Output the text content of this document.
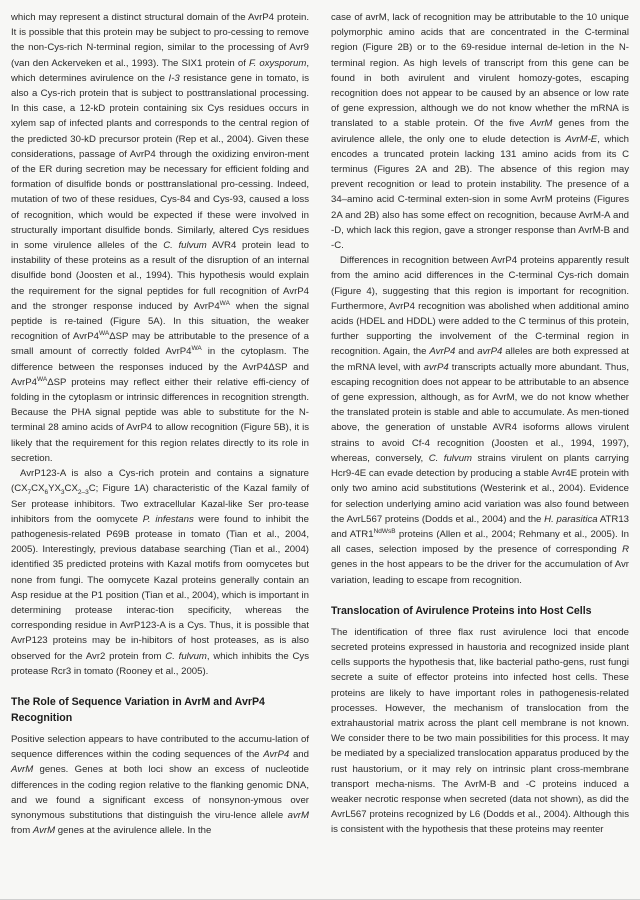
which may represent a distinct structural domain of the AvrP4 protein. It is possible that this protein may be subject to pro-cessing to remove the non-Cys-rich N-terminal region, similar to the processing of Avr9 (van den Ackerveken et al., 1993). The SIX1 protein of F. oxysporum, which determines avirulence on the I-3 resistance gene in tomato, is also a Cys-rich protein that is subject to posttranslational processing. In this case, a 12-kD protein containing six Cys residues occurs in xylem sap of infected plants and corresponds to the central region of the predicted 30-kD precursor protein (Rep et al., 2004). Given these considerations, passage of AvrP4 through the oxidizing environ-ment of the ER during secretion may be necessary for efficient folding and formation of disulfide bonds or posttranslational pro-cessing. Indeed, mutation of two of these residues, Cys-84 and Cys-93, caused a loss of recognition, which would be expected if these were involved in structurally important disulfide bonds. Similarly, altered Cys residues in some virulence alleles of the C. fulvum AVR4 protein lead to instability of these proteins as a result of the disruption of an internal disulfide bond (Joosten et al., 1994). This hypothesis would explain the requirement for the signal peptides for full recognition of AvrP4 and the stronger response induced by $AvrP4^{WA}$ when the signal peptide is re-tained (Figure 5A). In this situation, the weaker recognition of $AvrP4^{WA}\Delta SP$ may be attributable to the presence of a small amount of correctly folded $AvrP4^{WA}$ in the cytoplasm. The difference between the responses induced by the AvrP4ΔSP and $AvrP4^{WA}\Delta SP$ proteins may reflect either their relative effi-ciency of folding in the cytoplasm or intrinsic differences in recognition strength. Because the PHA signal peptide was able to substitute for the N-terminal 28 amino acids of AvrP4 to allow recognition (Figure 5B), it is likely that the requirement for this region relates directly to its role in secretion.

AvrP123-A is also a Cys-rich protein and contains a signature ($CX_7CX_6YX_3CX_{2-3}C$; Figure 1A) characteristic of the Kazal family of Ser protease inhibitors. Two extracellular Kazal-like Ser pro-tease inhibitors from the oomycete P. infestans were found to inhibit the pathogenesis-related P69B protease in tomato (Tian et al., 2004, 2005). Interestingly, previous database searching (Tian et al., 2004) identified 35 predicted proteins with Kazal motifs from oomycetes but none from fungi. The oomycete Kazal proteins generally contain an Asp residue at the P1 position (Tian et al., 2004), which is important in determining protease interac-tion specificity, whereas the corresponding residue in AvrP123-A is a Cys. Thus, it is possible that AvrP123 proteins may be in-hibitors of host proteases, as is also observed for the Avr2 protein from C. fulvum, which inhibits the Cys protease Rcr3 in tomato (Rooney et al., 2005).

The Role of Sequence Variation in AvrM and AvrP4 Recognition

Positive selection appears to have contributed to the accumu-lation of sequence differences within the coding sequences of the AvrP4 and AvrM genes. Genes at both loci show an excess of nucleotide differences in the coding region relative to the flanking genomic DNA, and we found a significant excess of nonsynon-ymous over synonymous substitutions that distinguish the viru-lence allele avrM from AvrM genes at the avirulence allele. In the

case of avrM, lack of recognition may be attributable to the 10 unique polymorphic amino acids that are concentrated in the C-terminal region (Figure 2B) or to the 69-residue internal de-letion in the N-terminal region. As high levels of transcript from this gene can be found in both avirulent and virulent homozy-gotes, escaping recognition does not appear to be caused by an absence or low rate of gene expression, although we do not know whether the mRNA is translated to a stable protein. Of the five AvrM genes from the avirulence allele, the only one to elude detection is AvrM-E, which encodes a truncated protein lacking 131 amino acids from its C terminus (Figures 2A and 2B). The absence of this region may prevent recognition or lead to protein instability. The presence of a 34–amino acid C-terminal exten-sion in some AvrM proteins (Figures 2A and 2B) also has some effect on recognition, because AvrM-A and -D, which lack this region, gave a stronger response than AvrM-B and -C.

Differences in recognition between AvrP4 proteins apparently result from the amino acid differences in the C-terminal Cys-rich domain (Figure 4), suggesting that this region is important for recognition. Furthermore, AvrP4 recognition was abolished when additional amino acids (HDEL and HDDL) were added to the C terminus of this protein, further supporting the involvement of the C-terminal region in recognition. Again, the AvrP4 and avrP4 alleles are both expressed at the mRNA level, with avrP4 transcripts actually more abundant. Thus, escaping recognition does not appear to be attributable to an absence of gene expression, although, as for AvrM, we do not know whether the translated protein is stable and able to accumulate. As men-tioned above, the generation of unstable AVR4 isoforms allows virulent strains to avoid Cf-4 recognition (Joosten et al., 1994, 1997), whereas, conversely, C. fulvum strains virulent on plants carrying Hcr9-4E can evade detection by producing a stable Avr4E protein with only two amino acid substitutions (Westerink et al., 2004). Evidence for selection underlying amino acid variation was also found between the AvrL567 proteins (Dodds et al., 2004) and the H. parasitica ATR13 and $ATR1^{NdWsB}$ proteins (Allen et al., 2004; Rehmany et al., 2005). In all cases, selection imposed by the presence of corresponding R genes in the host appears to be the driver for the accumulation of Avr variation, leading to escape from recognition.

Translocation of Avirulence Proteins into Host Cells

The identification of three flax rust avirulence loci that encode secreted proteins expressed in haustoria and recognized inside plant cells supports the hypothesis that, like bacterial patho-gens, rust fungi secrete a suite of effector proteins into infected host cells. These proteins are likely to have important roles in pathogenesis-related processes. However, the mechanism of translocation from the extrahaustorial matrix across the plant cell membrane is not known. We consider there to be two main possibilities for this process. It may be mediated by a specialized translocation apparatus produced by the rust haustorium, or it may rely on intrinsic plant cross-membrane transport mecha-nisms. The AvrM-B and -C proteins induced a weaker necrotic response when secreted (data not shown), as did the AvrL567 proteins recognized by L6 (Dodds et al., 2004). Although this is consistent with the hypothesis that these proteins may reenter
